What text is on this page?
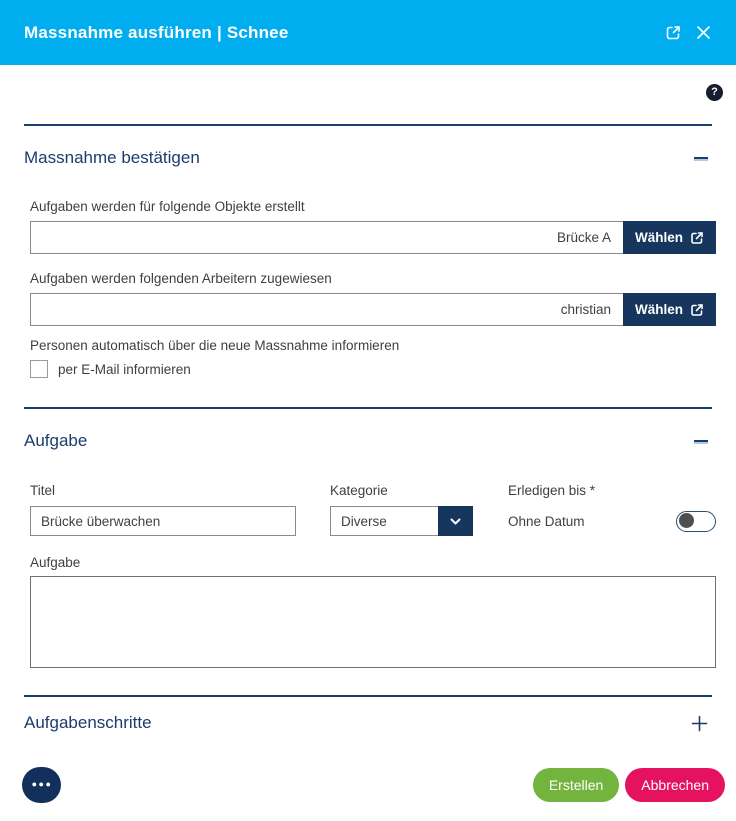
Massnahme ausführen | Schnee
?
Massnahme bestätigen
Aufgaben werden für folgende Objekte erstellt
Brücke A
Wählen
Aufgaben werden folgenden Arbeitern zugewiesen
christian
Wählen
Personen automatisch über die neue Massnahme informieren
per E-Mail informieren
Aufgabe
Titel	Kategorie	Erledigen bis *
Brücke überwachen
Diverse	Ohne Datum
Aufgabe
Aufgabenschritte
●●●	Erstellen	Abbrechen
